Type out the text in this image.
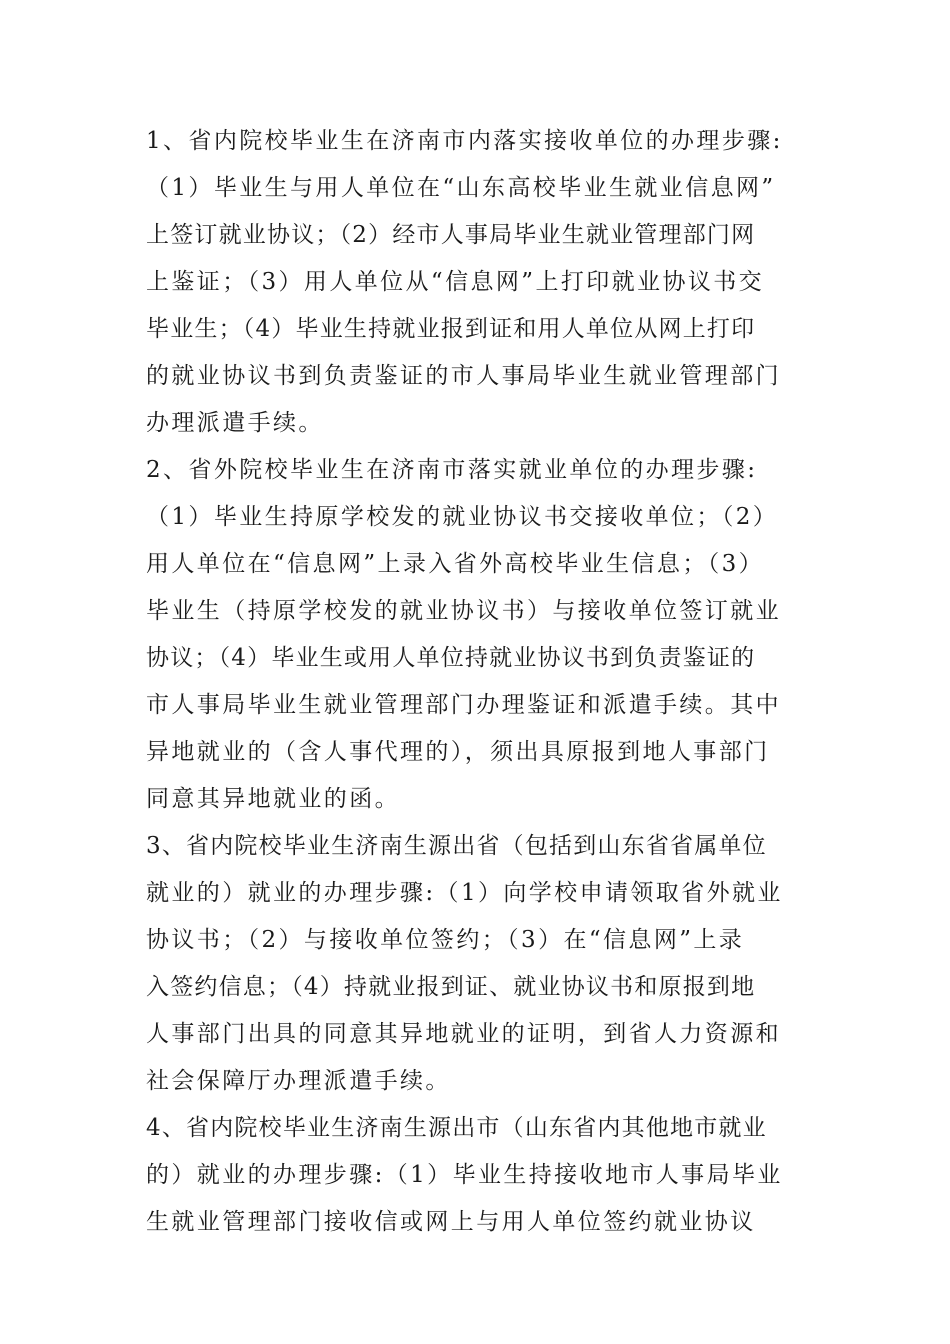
1、省内院校毕业生在济南市内落实接收单位的办理步骤:
（1）毕业生与用人单位在“山东高校毕业生就业信息网”
上签订就业协议；（2）经市人事局毕业生就业管理部门网
上鉴证；（3）用人单位从“信息网”上打印就业协议书交
毕业生；（4）毕业生持就业报到证和用人单位从网上打印
的就业协议书到负责鉴证的市人事局毕业生就业管理部门
办理派遣手续。
2、省外院校毕业生在济南市落实就业单位的办理步骤:
（1）毕业生持原学校发的就业协议书交接收单位；（2）
用人单位在“信息网”上录入省外高校毕业生信息；（3）
毕业生（持原学校发的就业协议书）与接收单位签订就业
协议；（4）毕业生或用人单位持就业协议书到负责鉴证的
市人事局毕业生就业管理部门办理鉴证和派遣手续。其中
异地就业的（含人事代理的），须出具原报到地人事部门
同意其异地就业的函。
3、省内院校毕业生济南生源出省（包括到山东省省属单位
就业的）就业的办理步骤:（1）向学校申请领取省外就业
协议书；（2）与接收单位签约；（3）在“信息网”上录
入签约信息；（4）持就业报到证、就业协议书和原报到地
人事部门出具的同意其异地就业的证明，到省人力资源和
社会保障厅办理派遣手续。
4、省内院校毕业生济南生源出市（山东省内其他地市就业
的）就业的办理步骤:（1）毕业生持接收地市人事局毕业
生就业管理部门接收信或网上与用人单位签约就业协议
